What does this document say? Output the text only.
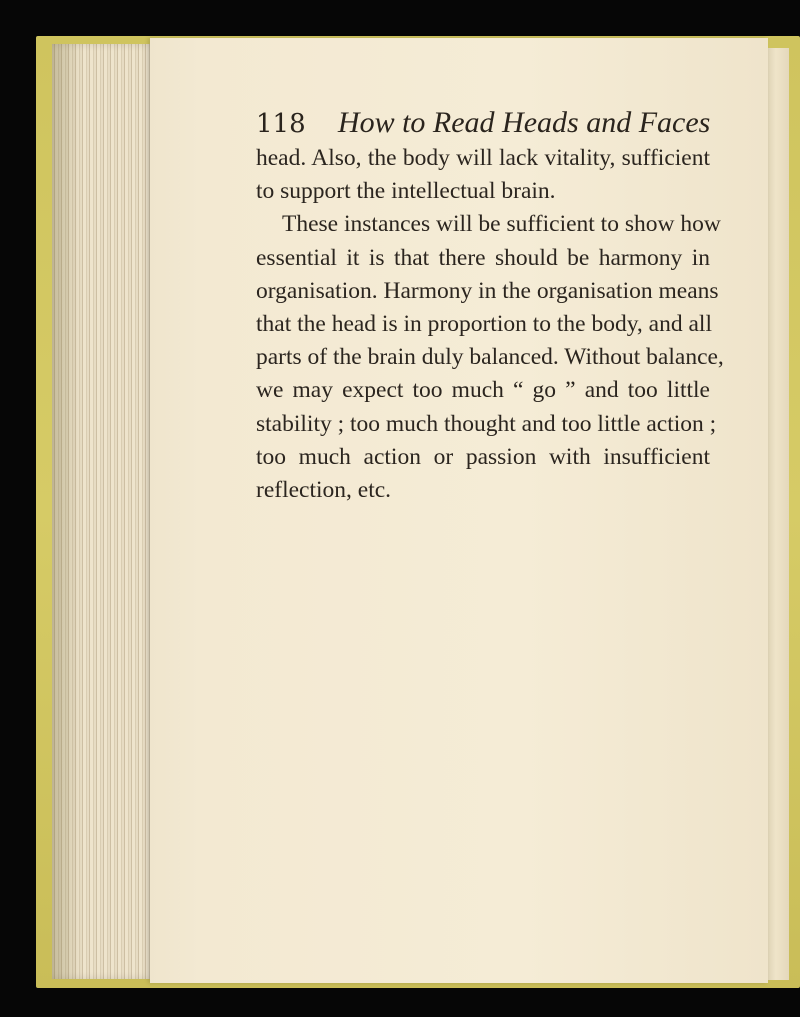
118 How to Read Heads and Faces
head. Also, the body will lack vitality, sufficient
to support the intellectual brain.
These instances will be sufficient to show how
essential it is that there should be harmony in
organisation. Harmony in the organisation means
that the head is in proportion to the body, and all
parts of the brain duly balanced. Without balance,
we may expect too much “ go ” and too little
stability ; too much thought and too little action ;
too much action or passion with insufficient
reflection, etc.
